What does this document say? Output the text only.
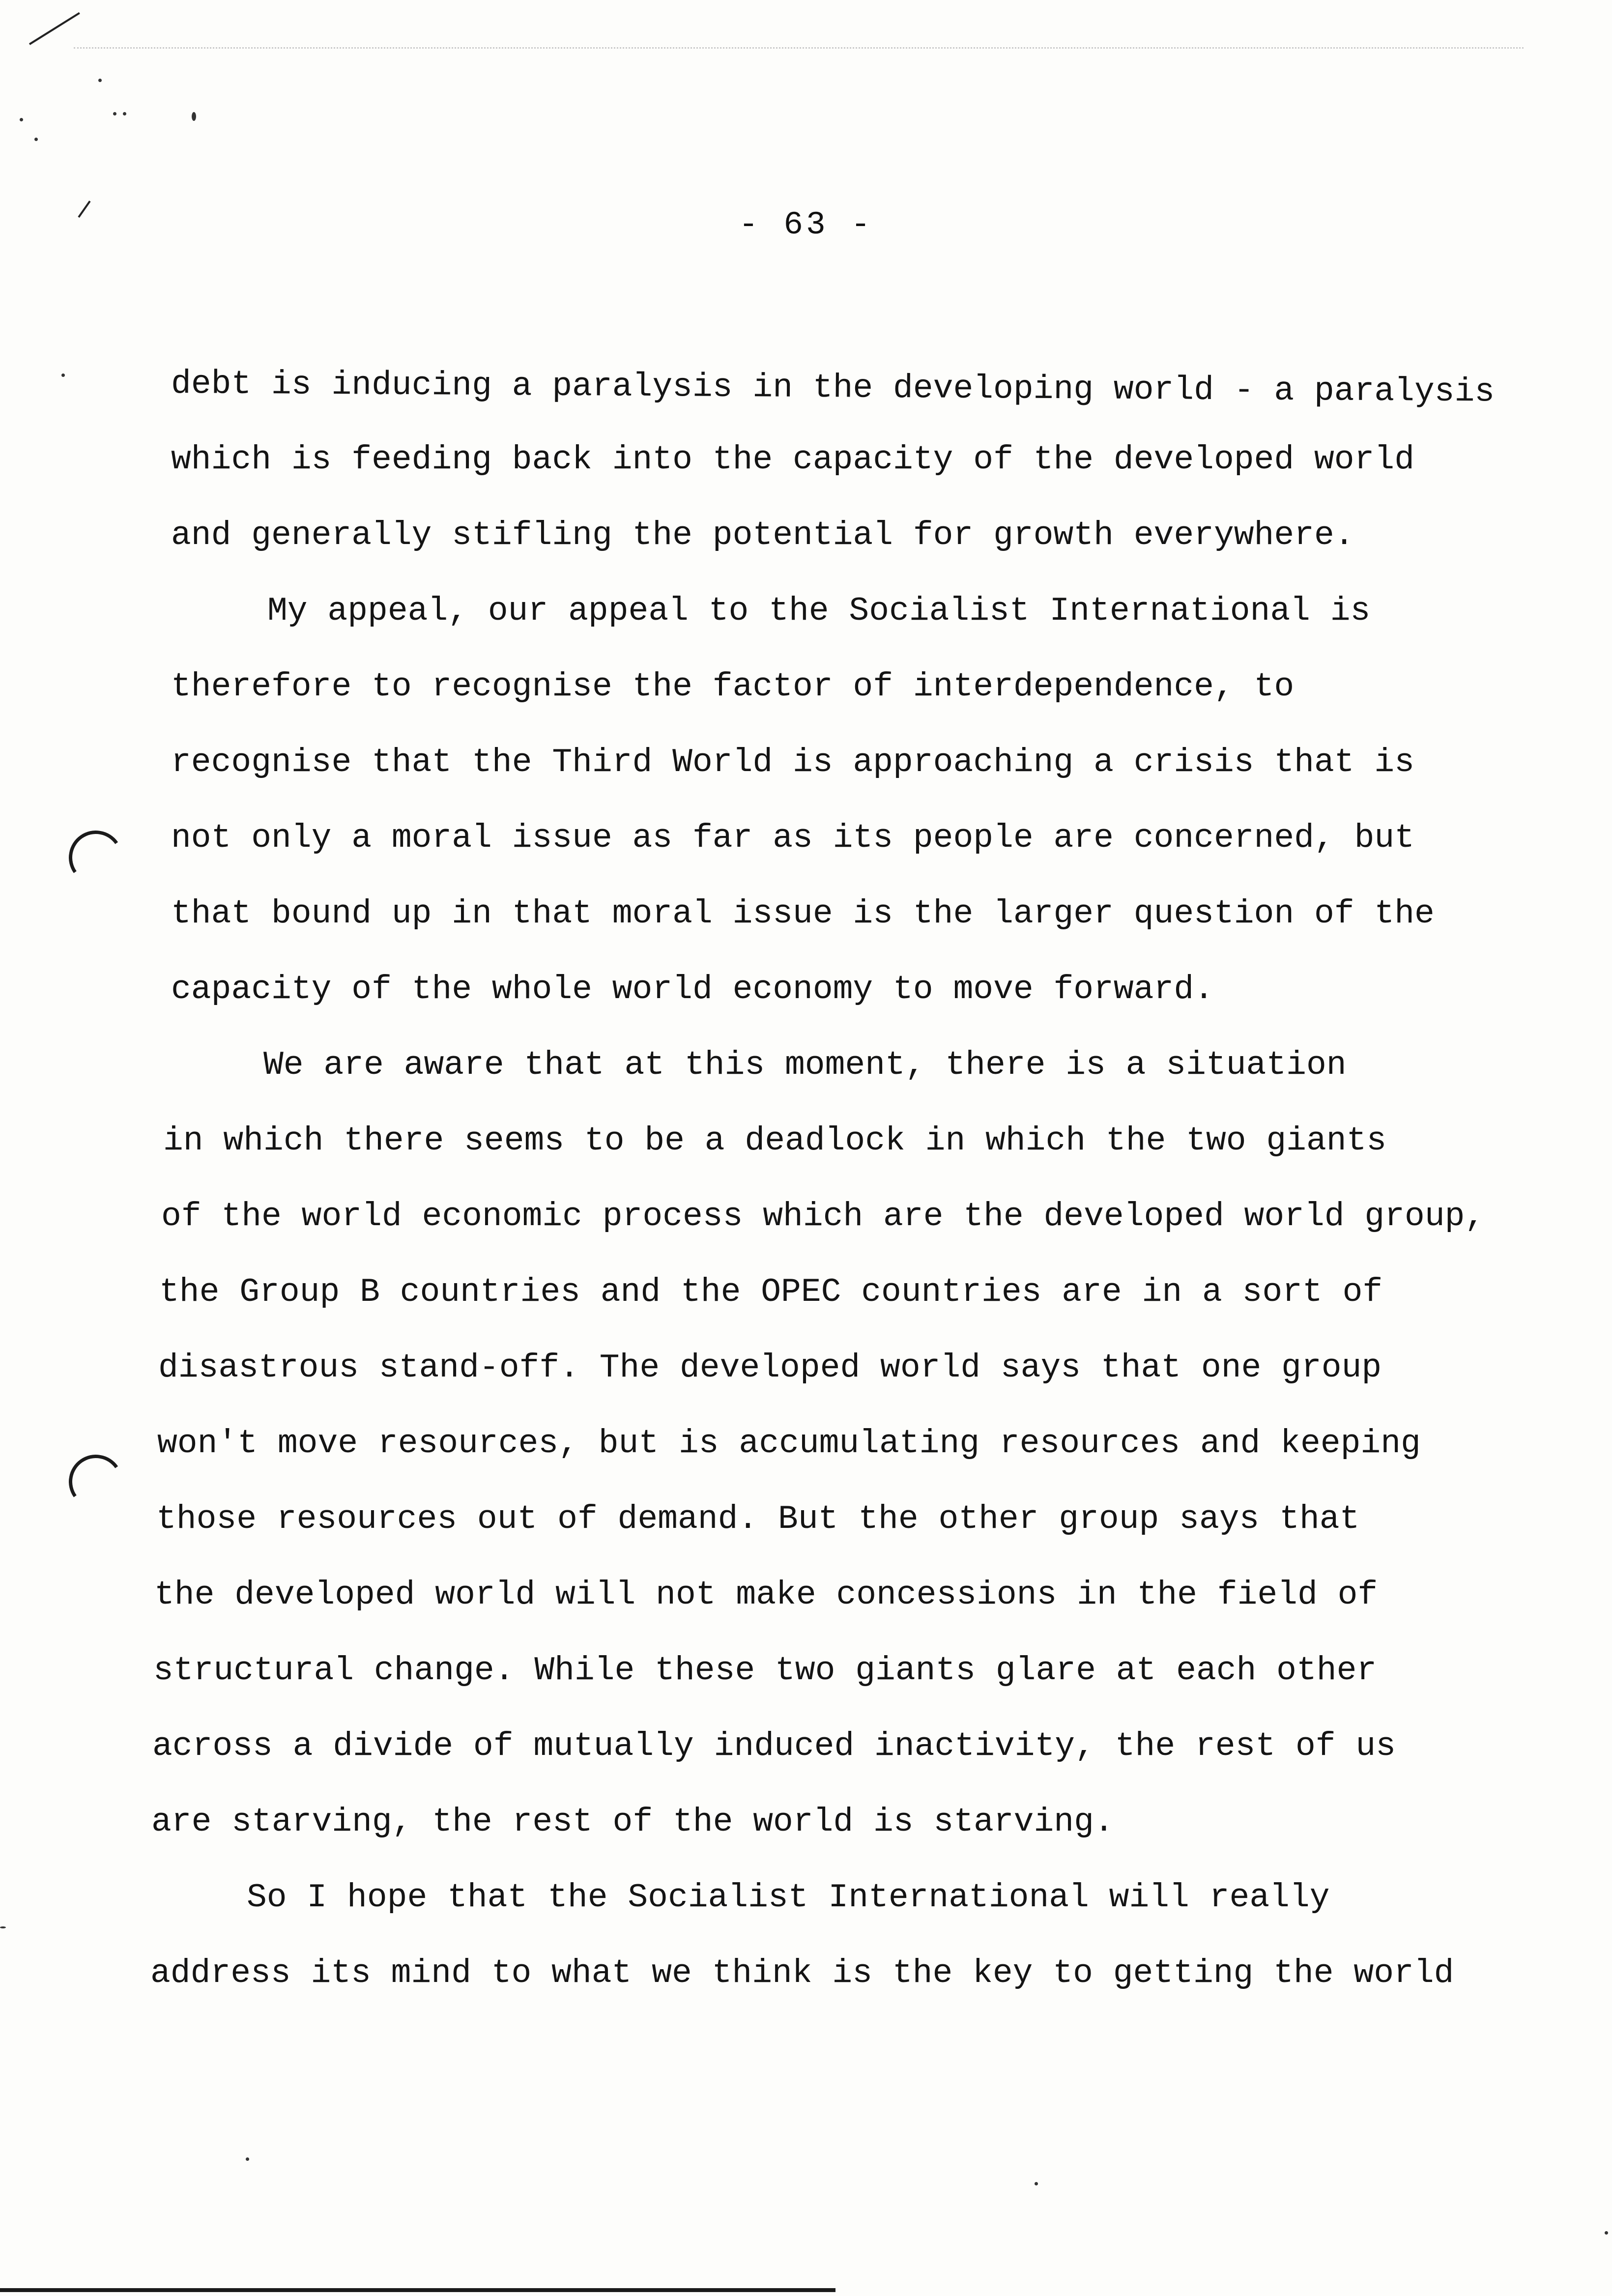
- 63 -
debt is inducing a paralysis in the developing world - a paralysis
which is feeding back into the capacity of the developed world
and generally stifling the potential for growth everywhere.
My appeal, our appeal to the Socialist International is
therefore to recognise the factor of interdependence, to
recognise that the Third World is approaching a crisis that is
not only a moral issue as far as its people are concerned, but
that bound up in that moral issue is the larger question of the
capacity of the whole world economy to move forward.
We are aware that at this moment, there is a situation
in which there seems to be a deadlock in which the two giants
of the world economic process which are the developed world group,
the Group B countries and the OPEC countries are in a sort of
disastrous stand-off. The developed world says that one group
won't move resources, but is accumulating resources and keeping
those resources out of demand. But the other group says that
the developed world will not make concessions in the field of
structural change. While these two giants glare at each other
across a divide of mutually induced inactivity, the rest of us
are starving, the rest of the world is starving.
So I hope that the Socialist International will really
address its mind to what we think is the key to getting the world
